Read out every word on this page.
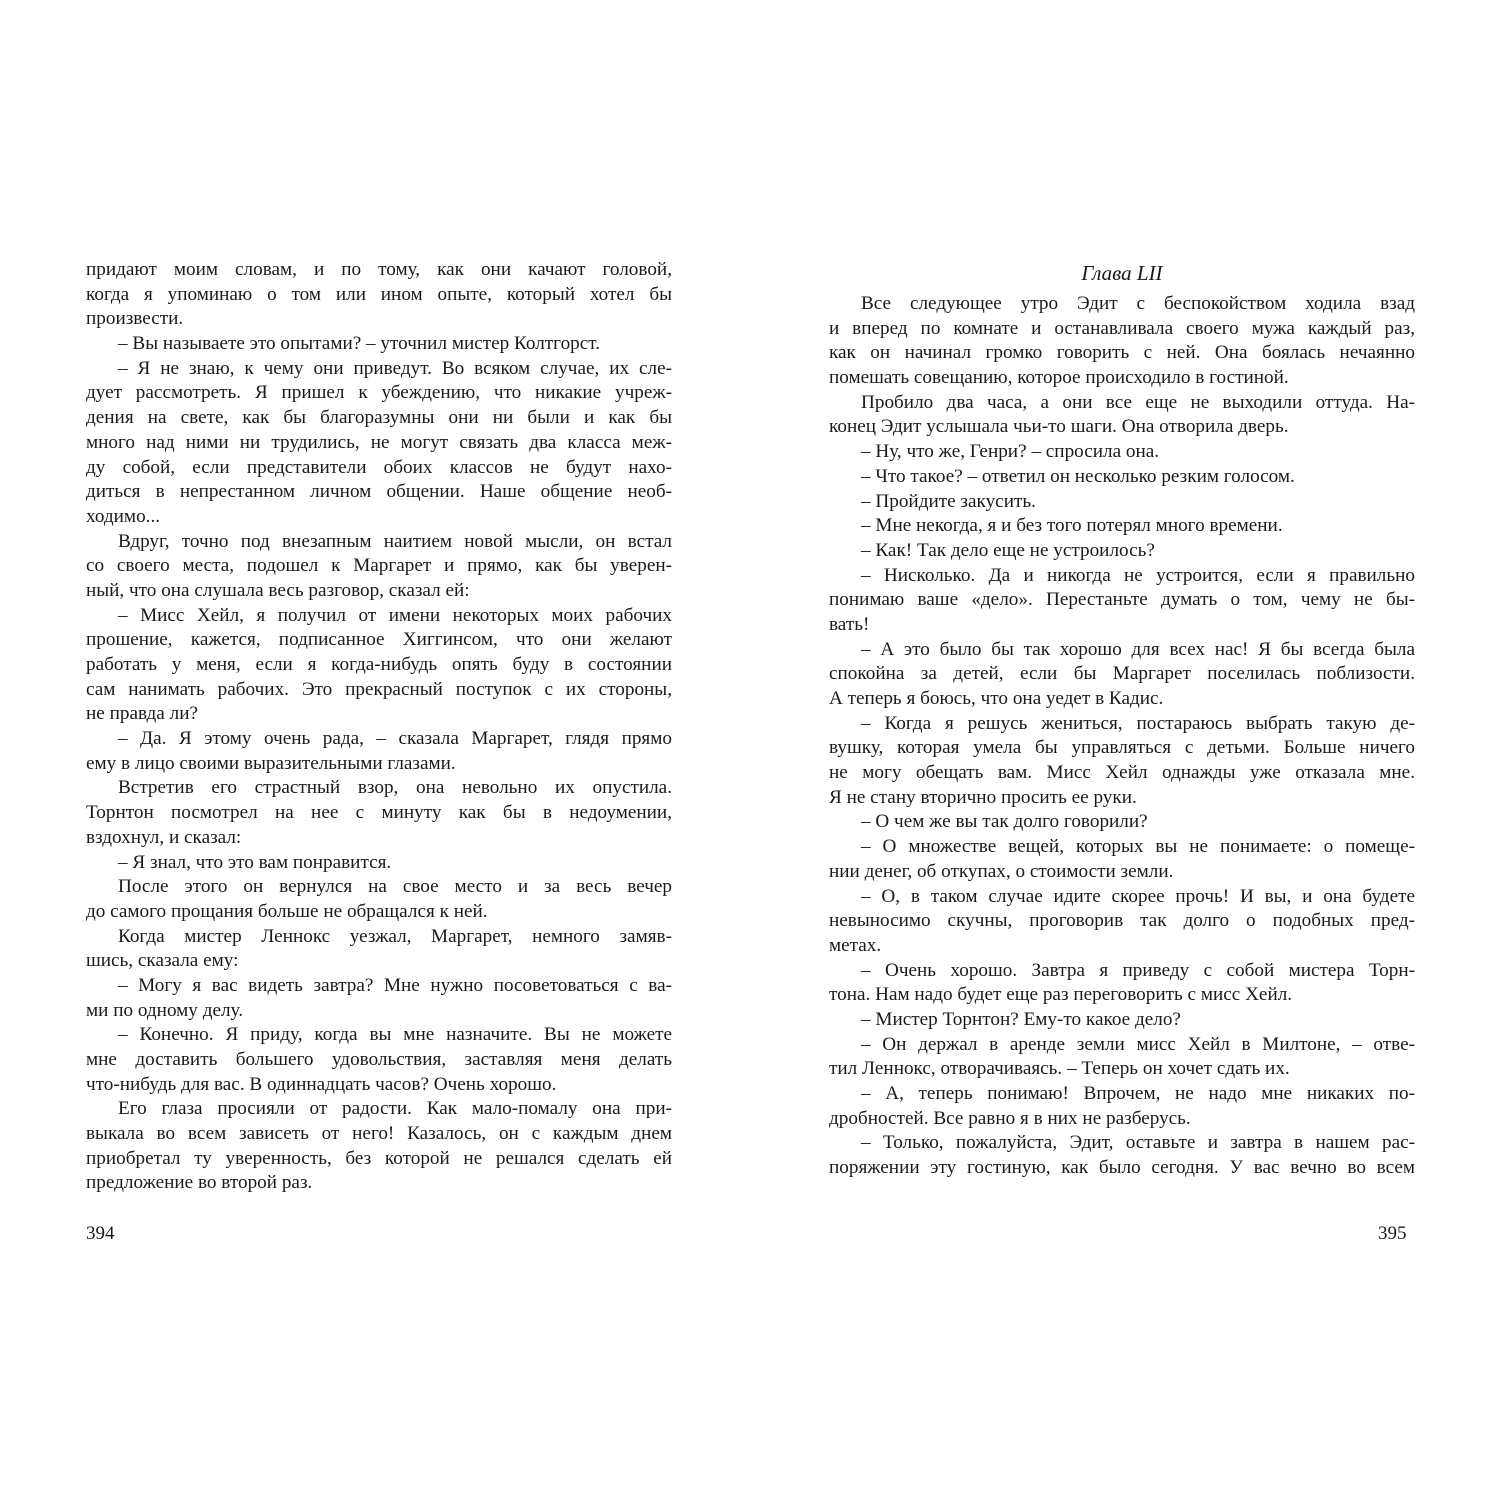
придают моим словам, и по тому, как они качают головой,
когда я упоминаю о том или ином опыте, который хотел бы
произвести.
– Вы называете это опытами? – уточнил мистер Колтгорст.
– Я не знаю, к чему они приведут. Во всяком случае, их сле-
дует рассмотреть. Я пришел к убеждению, что никакие учреж-
дения на свете, как бы благоразумны они ни были и как бы
много над ними ни трудились, не могут связать два класса меж-
ду собой, если представители обоих классов не будут нахо-
диться в непрестанном личном общении. Наше общение необ-
ходимо...
Вдруг, точно под внезапным наитием новой мысли, он встал
со своего места, подошел к Маргарет и прямо, как бы уверен-
ный, что она слушала весь разговор, сказал ей:
– Мисс Хейл, я получил от имени некоторых моих рабочих
прошение, кажется, подписанное Хиггинсом, что они желают
работать у меня, если я когда-нибудь опять буду в состоянии
сам нанимать рабочих. Это прекрасный поступок с их стороны,
не правда ли?
– Да. Я этому очень рада, – сказала Маргарет, глядя прямо
ему в лицо своими выразительными глазами.
Встретив его страстный взор, она невольно их опустила.
Торнтон посмотрел на нее с минуту как бы в недоумении,
вздохнул, и сказал:
– Я знал, что это вам понравится.
После этого он вернулся на свое место и за весь вечер
до самого прощания больше не обращался к ней.
Когда мистер Леннокс уезжал, Маргарет, немного замяв-
шись, сказала ему:
– Могу я вас видеть завтра? Мне нужно посоветоваться с ва-
ми по одному делу.
– Конечно. Я приду, когда вы мне назначите. Вы не можете
мне доставить большего удовольствия, заставляя меня делать
что-нибудь для вас. В одиннадцать часов? Очень хорошо.
Его глаза просияли от радости. Как мало-помалу она при-
выкала во всем зависеть от него! Казалось, он с каждым днем
приобретал ту уверенность, без которой не решался сделать ей
предложение во второй раз.
394
Глава LII
Все следующее утро Эдит с беспокойством ходила взад
и вперед по комнате и останавливала своего мужа каждый раз,
как он начинал громко говорить с ней. Она боялась нечаянно
помешать совещанию, которое происходило в гостиной.
Пробило два часа, а они все еще не выходили оттуда. На-
конец Эдит услышала чьи-то шаги. Она отворила дверь.
– Ну, что же, Генри? – спросила она.
– Что такое? – ответил он несколько резким голосом.
– Пройдите закусить.
– Мне некогда, я и без того потерял много времени.
– Как! Так дело еще не устроилось?
– Нисколько. Да и никогда не устроится, если я правильно
понимаю ваше «дело». Перестаньте думать о том, чему не бы-
вать!
– А это было бы так хорошо для всех нас! Я бы всегда была
спокойна за детей, если бы Маргарет поселилась поблизости.
А теперь я боюсь, что она уедет в Кадис.
– Когда я решусь жениться, постараюсь выбрать такую де-
вушку, которая умела бы управляться с детьми. Больше ничего
не могу обещать вам. Мисс Хейл однажды уже отказала мне.
Я не стану вторично просить ее руки.
– О чем же вы так долго говорили?
– О множестве вещей, которых вы не понимаете: о помеще-
нии денег, об откупах, о стоимости земли.
– О, в таком случае идите скорее прочь! И вы, и она будете
невыносимо скучны, проговорив так долго о подобных пред-
метах.
– Очень хорошо. Завтра я приведу с собой мистера Торн-
тона. Нам надо будет еще раз переговорить с мисс Хейл.
– Мистер Торнтон? Ему-то какое дело?
– Он держал в аренде земли мисс Хейл в Милтоне, – отве-
тил Леннокс, отворачиваясь. – Теперь он хочет сдать их.
– А, теперь понимаю! Впрочем, не надо мне никаких по-
дробностей. Все равно я в них не разберусь.
– Только, пожалуйста, Эдит, оставьте и завтра в нашем рас-
поряжении эту гостиную, как было сегодня. У вас вечно во всем
395
